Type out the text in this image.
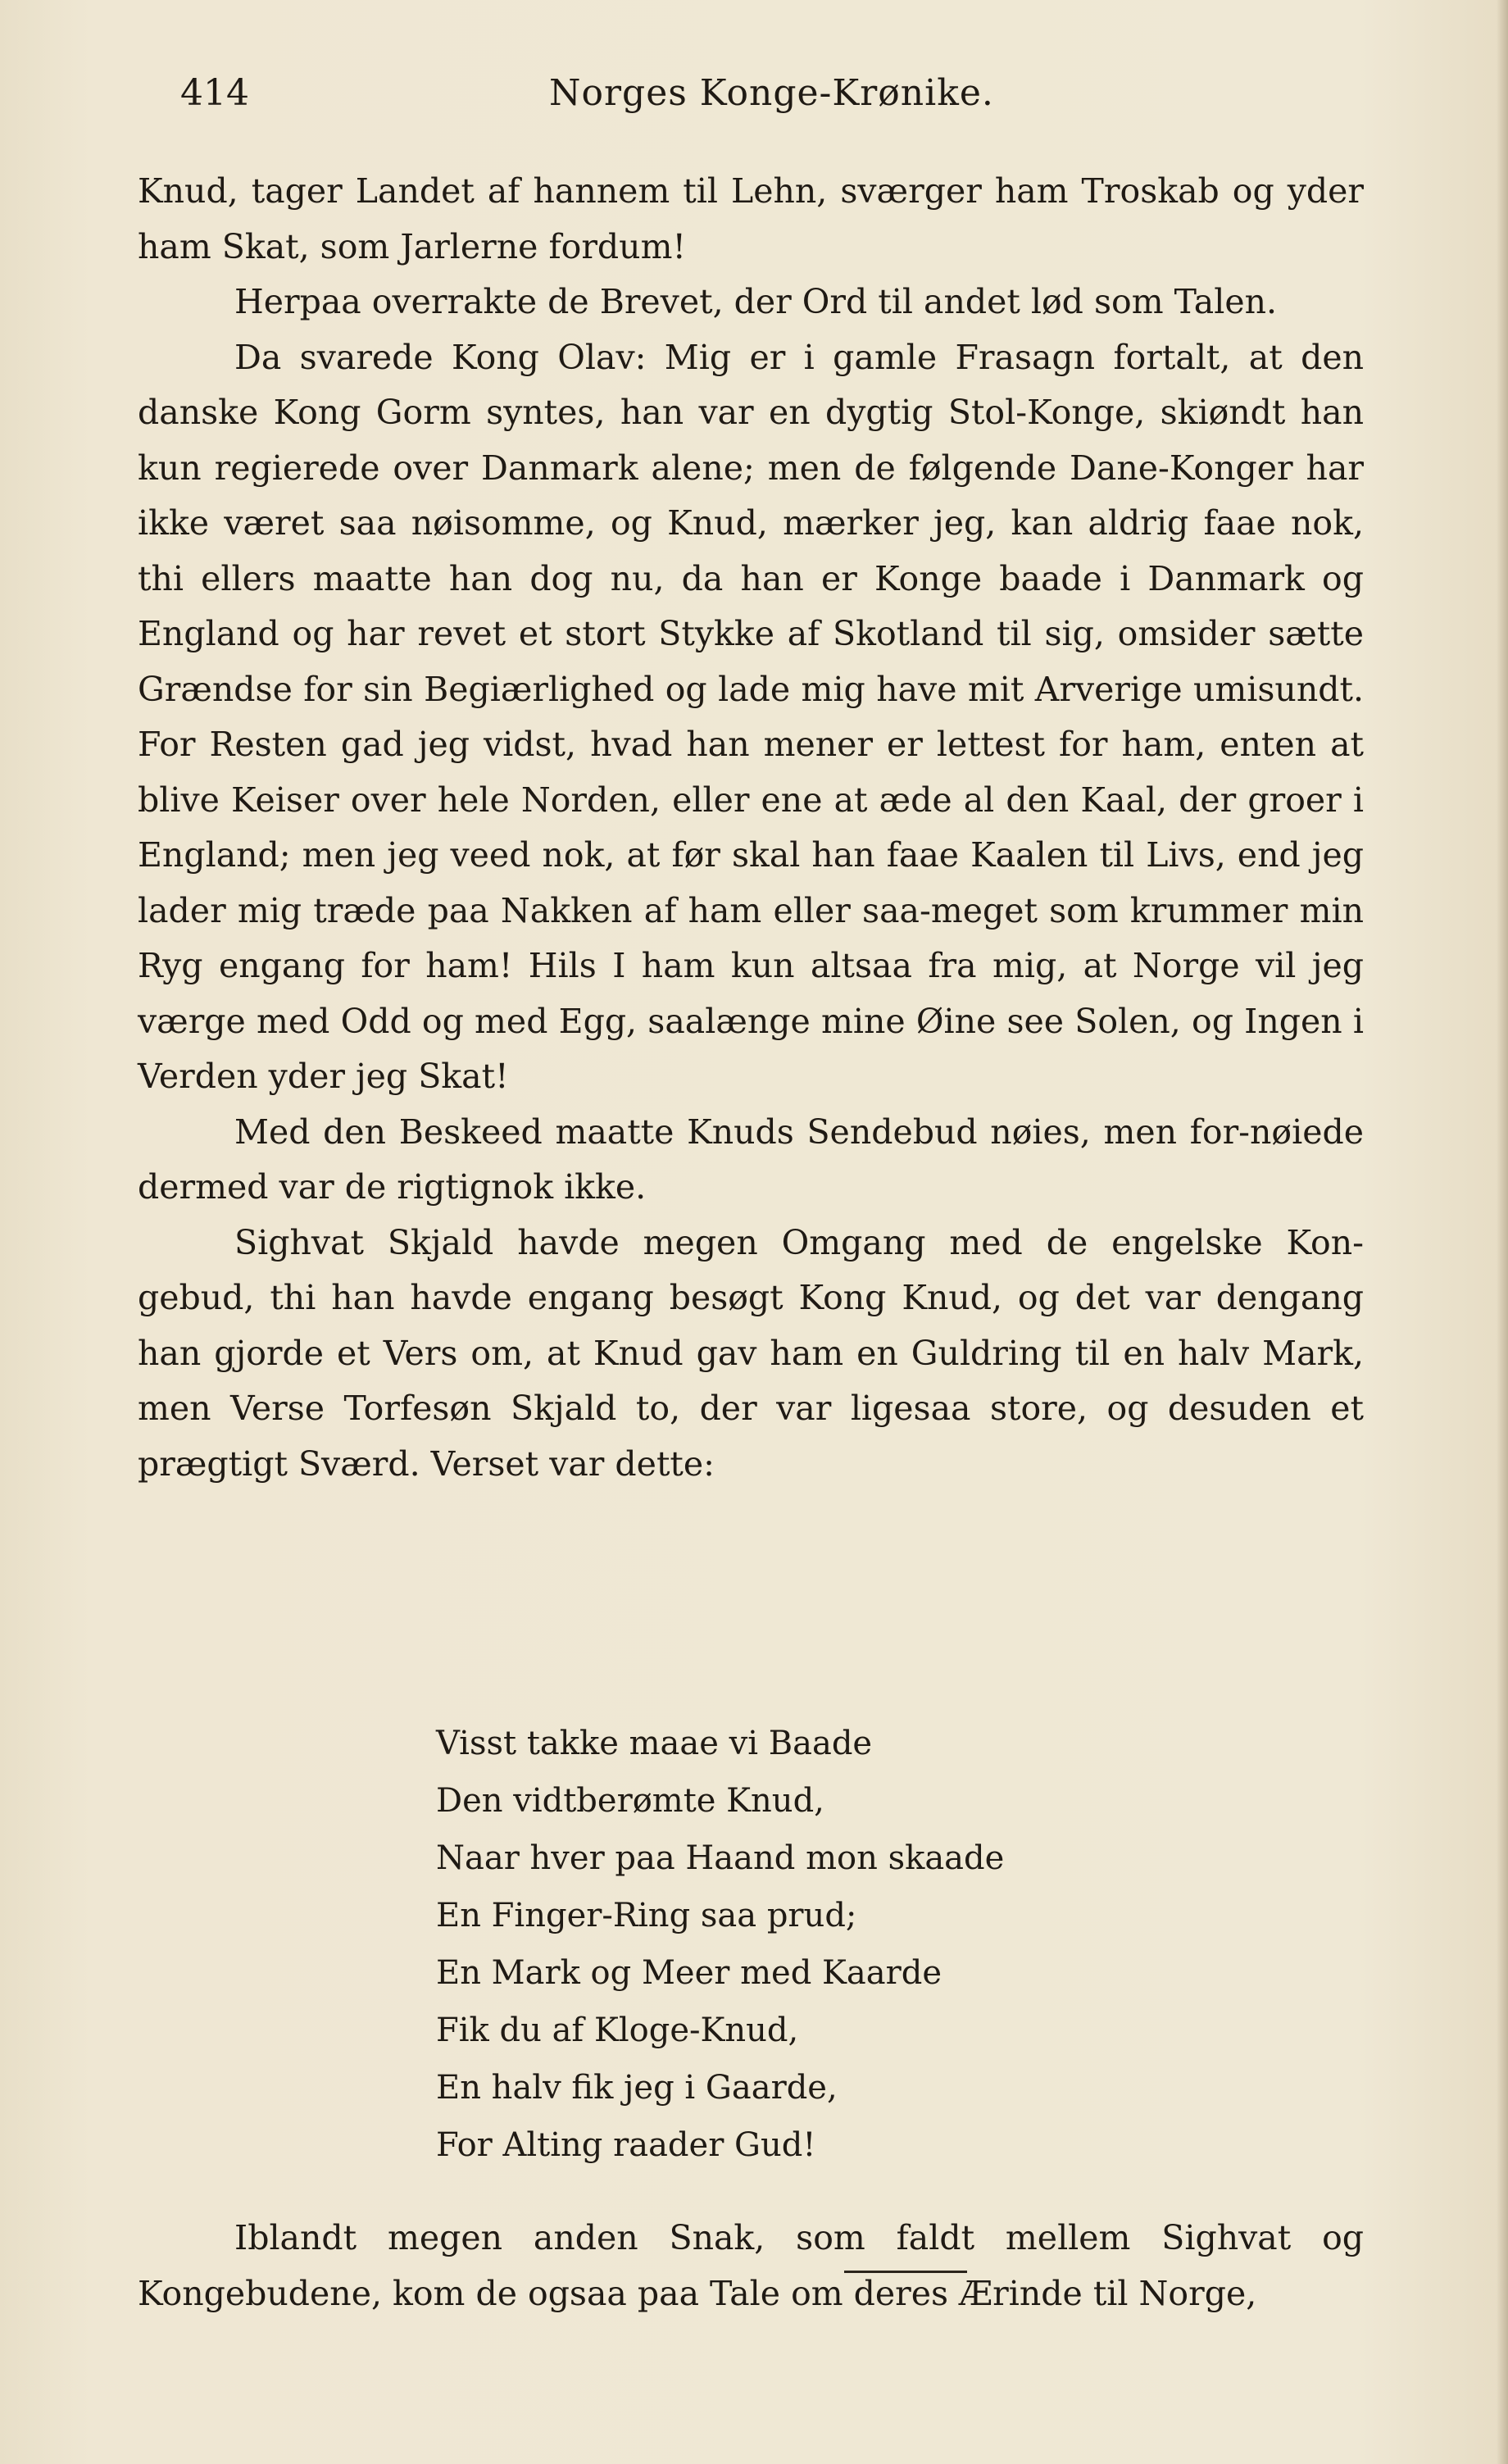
414	Norges Konge-Krønike.

Knud, tager Landet af hannem til Lehn, sværger ham Troskab og yder ham Skat, som Jarlerne fordum!

Herpaa overrakte de Brevet, der Ord til andet lød som Talen.

Da svarede Kong Olav: Mig er i gamle Frasagn fortalt, at den danske Kong Gorm syntes, han var en dygtig Stol-Konge, skiøndt han kun regierede over Danmark alene; men de følgende Dane-Konger har ikke været saa nøisomme, og Knud, mærker jeg, kan aldrig faae nok, thi ellers maatte han dog nu, da han er Konge baade i Danmark og England og har revet et stort Stykke af Skotland til sig, omsider sætte Grændse for sin Begiærlighed og lade mig have mit Arverige umisundt. For Resten gad jeg vidst, hvad han mener er lettest for ham, enten at blive Keiser over hele Norden, eller ene at æde al den Kaal, der groer i England; men jeg veed nok, at før skal han faae Kaalen til Livs, end jeg lader mig træde paa Nakken af ham eller saa-meget som krummer min Ryg engang for ham! Hils I ham kun altsaa fra mig, at Norge vil jeg værge med Odd og med Egg, saalænge mine Øine see Solen, og Ingen i Verden yder jeg Skat!

Med den Beskeed maatte Knuds Sendebud nøies, men for-nøiede dermed var de rigtignok ikke.

Sighvat Skjald havde megen Omgang med de engelske Kon-gebud, thi han havde engang besøgt Kong Knud, og det var dengang han gjorde et Vers om, at Knud gav ham en Guldring til en halv Mark, men Verse Torfesøn Skjald to, der var ligesaa store, og desuden et prægtigt Sværd. Verset var dette:

Visst takke maae vi Baade
Den vidtberømte Knud,
Naar hver paa Haand mon skaade
En Finger-Ring saa prud;
En Mark og Meer med Kaarde
Fik du af Kloge-Knud,
En halv fik jeg i Gaarde,
For Alting raader Gud!

Iblandt megen anden Snak, som faldt mellem Sighvat og Kongebudene, kom de ogsaa paa Tale om deres Ærinde til Norge,
